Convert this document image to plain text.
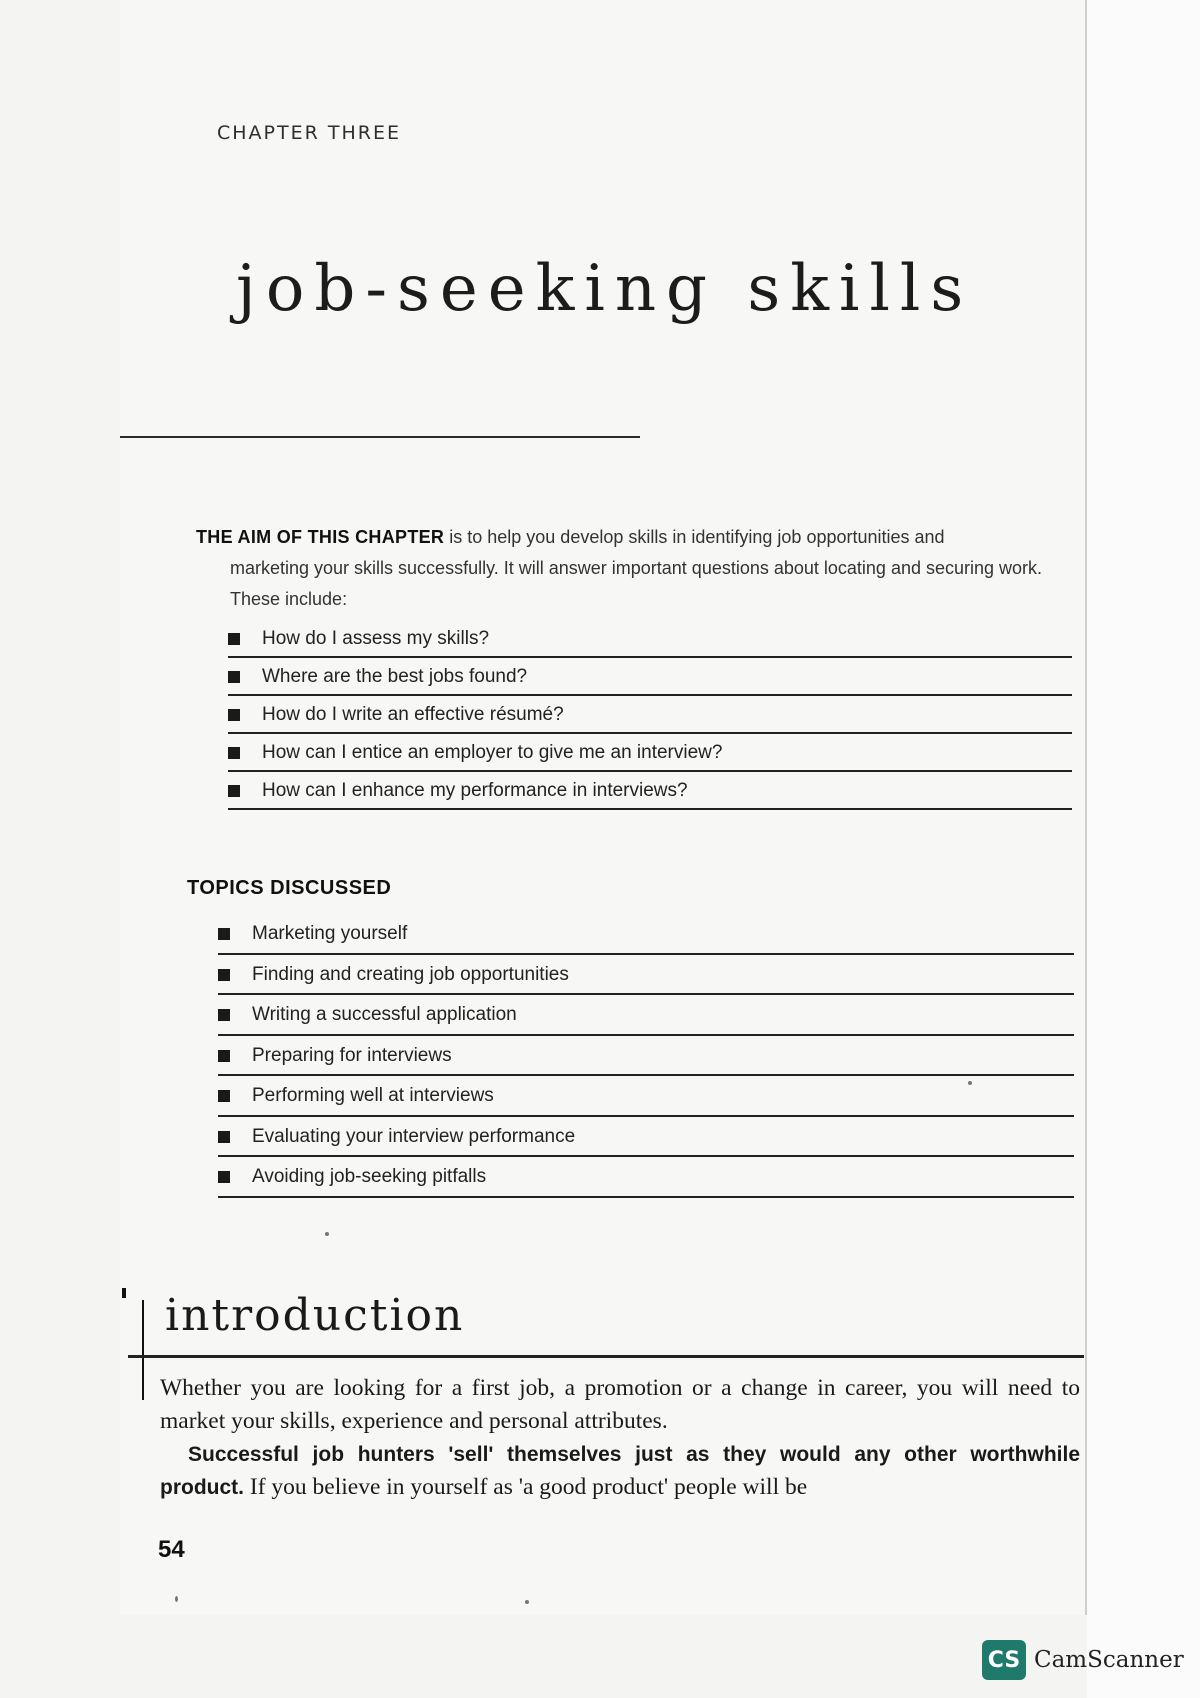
CHAPTER THREE
job-seeking skills
THE AIM OF THIS CHAPTER is to help you develop skills in identifying job opportunities and
marketing your skills successfully. It will answer important questions about locating and securing work. These include:
How do I assess my skills?
Where are the best jobs found?
How do I write an effective résumé?
How can I entice an employer to give me an interview?
How can I enhance my performance in interviews?
TOPICS DISCUSSED
Marketing yourself
Finding and creating job opportunities
Writing a successful application
Preparing for interviews
Performing well at interviews
Evaluating your interview performance
Avoiding job-seeking pitfalls
introduction

Whether you are looking for a first job, a promotion or a change in career, you will need to market your skills, experience and personal attributes.

Successful job hunters 'sell' themselves just as they would any other worthwhile product. If you believe in yourself as 'a good product' people will be

54
CS CamScanner
